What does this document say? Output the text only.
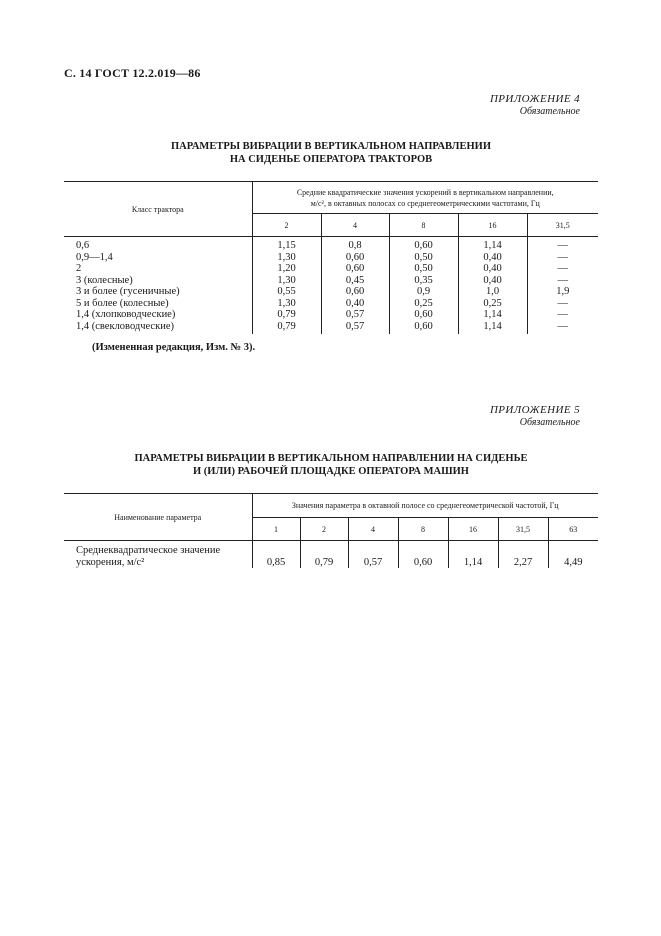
С. 14 ГОСТ 12.2.019—86
ПРИЛОЖЕНИЕ 4
Обязательное
ПАРАМЕТРЫ ВИБРАЦИИ В ВЕРТИКАЛЬНОМ НАПРАВЛЕНИИ
НА СИДЕНЬЕ ОПЕРАТОРА ТРАКТОРОВ
Класс трактора	Средние квадратические значения ускорений в вертикальном направлении,
м/с², в октавных полосах со среднегеометрическими частотами, Гц				

	2	4	8	16	31,5
0,6	1,15	0,8	0,60	1,14	—
0,9—1,4	1,30	0,60	0,50	0,40	—
2	1,20	0,60	0,50	0,40	—
3 (колесные)	1,30	0,45	0,35	0,40	—
3 и более (гусеничные)	0,55	0,60	0,9	1,0	1,9
5 и более (колесные)	1,30	0,40	0,25	0,25	—
1,4 (хлопководческие)	0,79	0,57	0,60	1,14	—
1,4 (свекловодческие)	0,79	0,57	0,60	1,14	—
(Измененная редакция, Изм. № 3).
ПРИЛОЖЕНИЕ 5
Обязательное
ПАРАМЕТРЫ ВИБРАЦИИ В ВЕРТИКАЛЬНОМ НАПРАВЛЕНИИ НА СИДЕНЬЕ
И (ИЛИ) РАБОЧЕЙ ПЛОЩАДКЕ ОПЕРАТОРА МАШИН
Наименование параметра	Значения параметра в октавной полосе со среднегеометрической частотой, Гц						
	1	2	4	8	16	31,5	63

Среднеквадратическое значение
ускорения, м/с²	0,85	0,79	0,57	0,60	1,14	2,27	4,49
